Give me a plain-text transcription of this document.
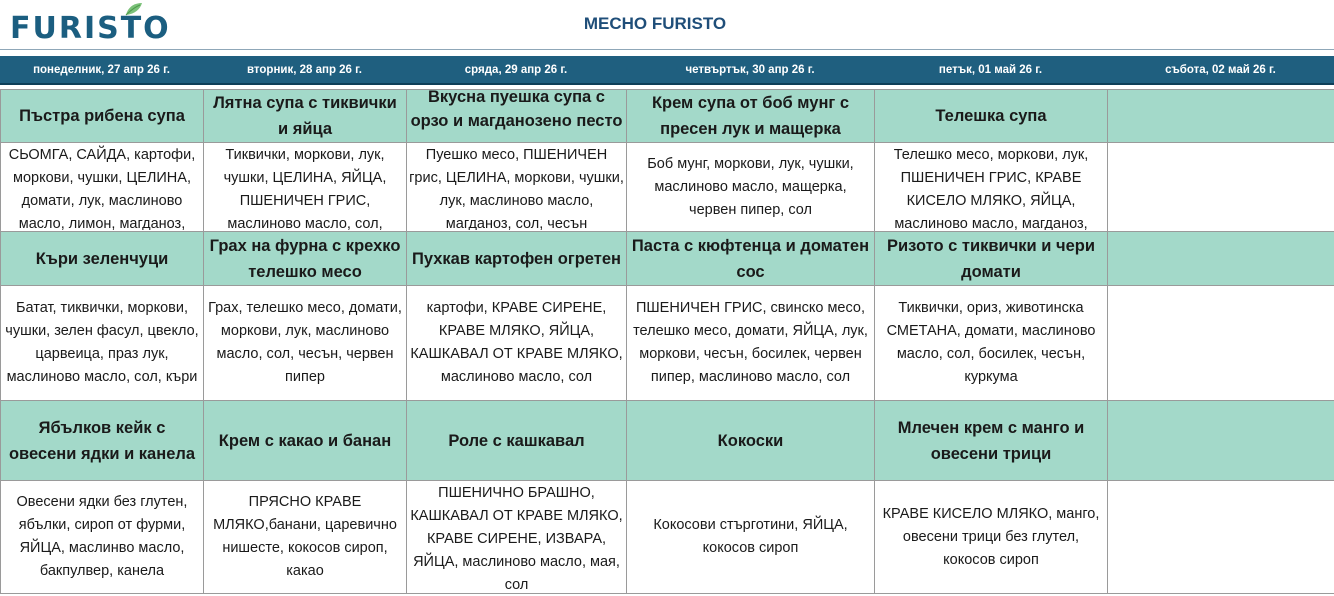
FURISTO	МЕСНО FURISTO
понеделник, 27 апр 26 г.	вторник, 28 апр 26 г.	сряда, 29 апр 26 г.	четвъртък, 30 апр 26 г.	петък, 01 май 26 г.	събота, 02 май 26 г.
Пъстра рибена супа	Лятна супа с тиквички и яйца	Вкусна пуешка супа с орзо и магданозено песто	Крем супа от боб мунг с пресен лук и мащерка	Телешка супа	

СЬОМГА, САЙДА, картофи, моркови, чушки, ЦЕЛИНА, домати, лук, маслиново масло, лимон, магданоз,	Тиквички, моркови, лук, чушки, ЦЕЛИНА, ЯЙЦА, ПШЕНИЧЕН ГРИС, маслиново масло, сол,	Пуешко месо, ПШЕНИЧЕН грис, ЦЕЛИНА, моркови, чушки, лук, маслиново масло, магданоз, сол, чесън	Боб мунг, моркови, лук, чушки, маслиново масло, мащерка, червен пипер, сол	Телешко месо, моркови, лук, ПШЕНИЧЕН ГРИС, КРАВЕ КИСЕЛО МЛЯКО, ЯЙЦА, маслиново масло, магданоз,	

Къри зеленчуци	Грах на фурна с крехко телешко месо	Пухкав картофен огретен	Паста с кюфтенца и доматен сос	Ризото с тиквички и чери домати	

Батат, тиквички, моркови, чушки, зелен фасул, цвекло, царвеица, праз лук, маслиново масло, сол, къри	Грах, телешко месо, домати, моркови, лук, маслиново масло, сол, чесън, червен пипер	картофи, КРАВЕ СИРЕНЕ, КРАВЕ МЛЯКО, ЯЙЦА, КАШКАВАЛ ОТ КРАВЕ МЛЯКО, маслиново масло, сол	ПШЕНИЧЕН ГРИС, свинско месо, телешко месо, домати, ЯЙЦА, лук, моркови, чесън, босилек, червен пипер, маслиново масло, сол	Тиквички, ориз, животинска СМЕТАНА, домати, маслиново масло, сол, босилек, чесън, куркума	

Ябълков кейк с овесени ядки и канела	Крем с какао и банан	Роле с кашкавал	Кокоски	Млечен крем с манго и овесени трици	

Овесени ядки без глутен, ябълки, сироп от фурми, ЯЙЦА, маслинво масло, бакпулвер, канела	ПРЯСНО КРАВЕ МЛЯКО,банани, царевично нишесте, кокосов сироп, какао	ПШЕНИЧНО БРАШНО, КАШКАВАЛ ОТ КРАВЕ МЛЯКО, КРАВЕ СИРЕНЕ, ИЗВАРА, ЯЙЦА, маслиново масло, мая, сол	Кокосови стърготини, ЯЙЦА, кокосов сироп	КРАВЕ КИСЕЛО МЛЯКО, манго, овесени трици без глутел, кокосов сироп	
